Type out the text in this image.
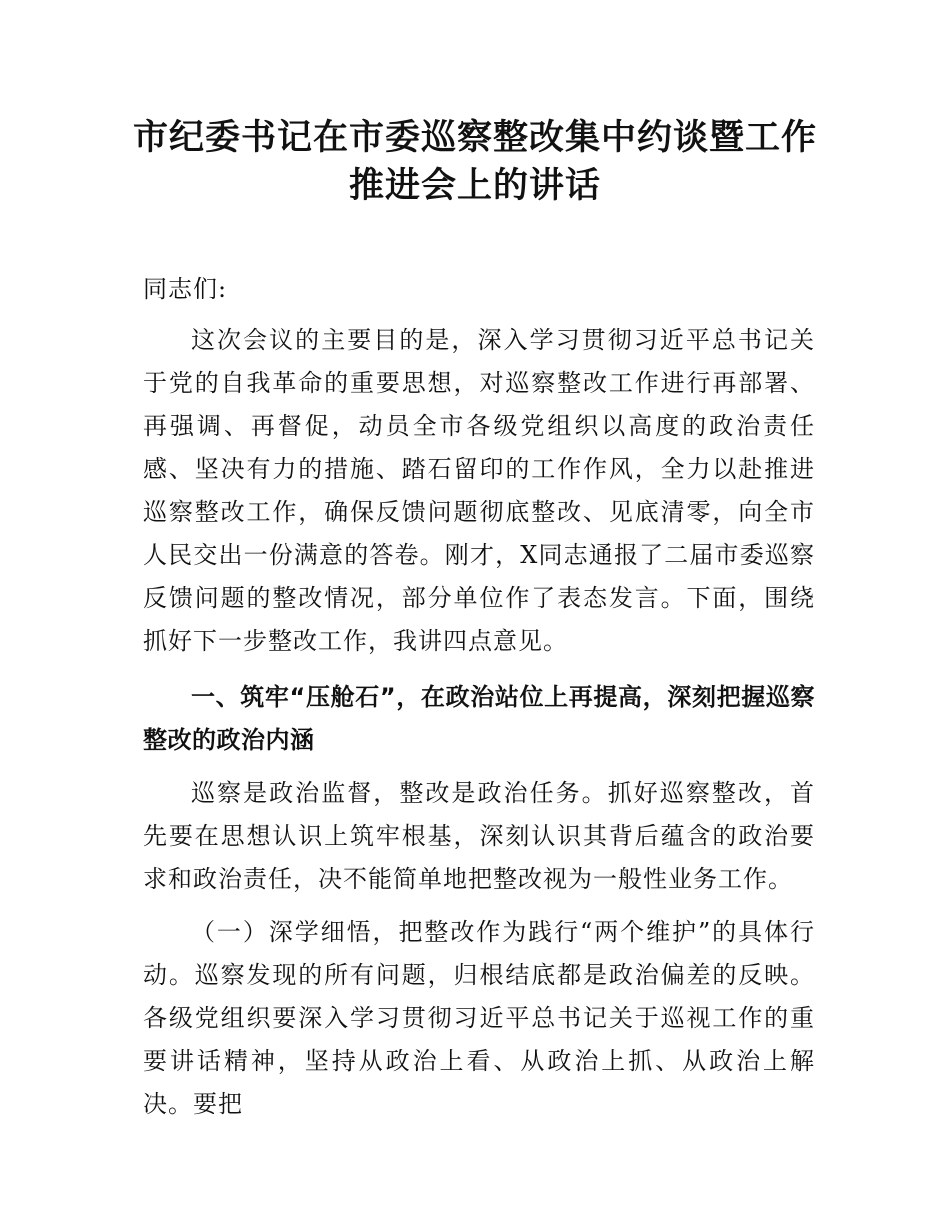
市纪委书记在市委巡察整改集中约谈暨工作
推进会上的讲话

同志们:

这次会议的主要目的是，深入学习贯彻习近平总书记关于党的自我革命的重要思想，对巡察整改工作进行再部署、再强调、再督促，动员全市各级党组织以高度的政治责任感、坚决有力的措施、踏石留印的工作作风，全力以赴推进巡察整改工作，确保反馈问题彻底整改、见底清零，向全市人民交出一份满意的答卷。刚才，X同志通报了二届市委巡察反馈问题的整改情况，部分单位作了表态发言。下面，围绕抓好下一步整改工作，我讲四点意见。

一、筑牢“压舱石”，在政治站位上再提高，深刻把握巡察整改的政治内涵

巡察是政治监督，整改是政治任务。抓好巡察整改，首先要在思想认识上筑牢根基，深刻认识其背后蕴含的政治要求和政治责任，决不能简单地把整改视为一般性业务工作。

（一）深学细悟，把整改作为践行“两个维护”的具体行动。巡察发现的所有问题，归根结底都是政治偏差的反映。各级党组织要深入学习贯彻习近平总书记关于巡视工作的重要讲话精神，坚持从政治上看、从政治上抓、从政治上解决。要把
